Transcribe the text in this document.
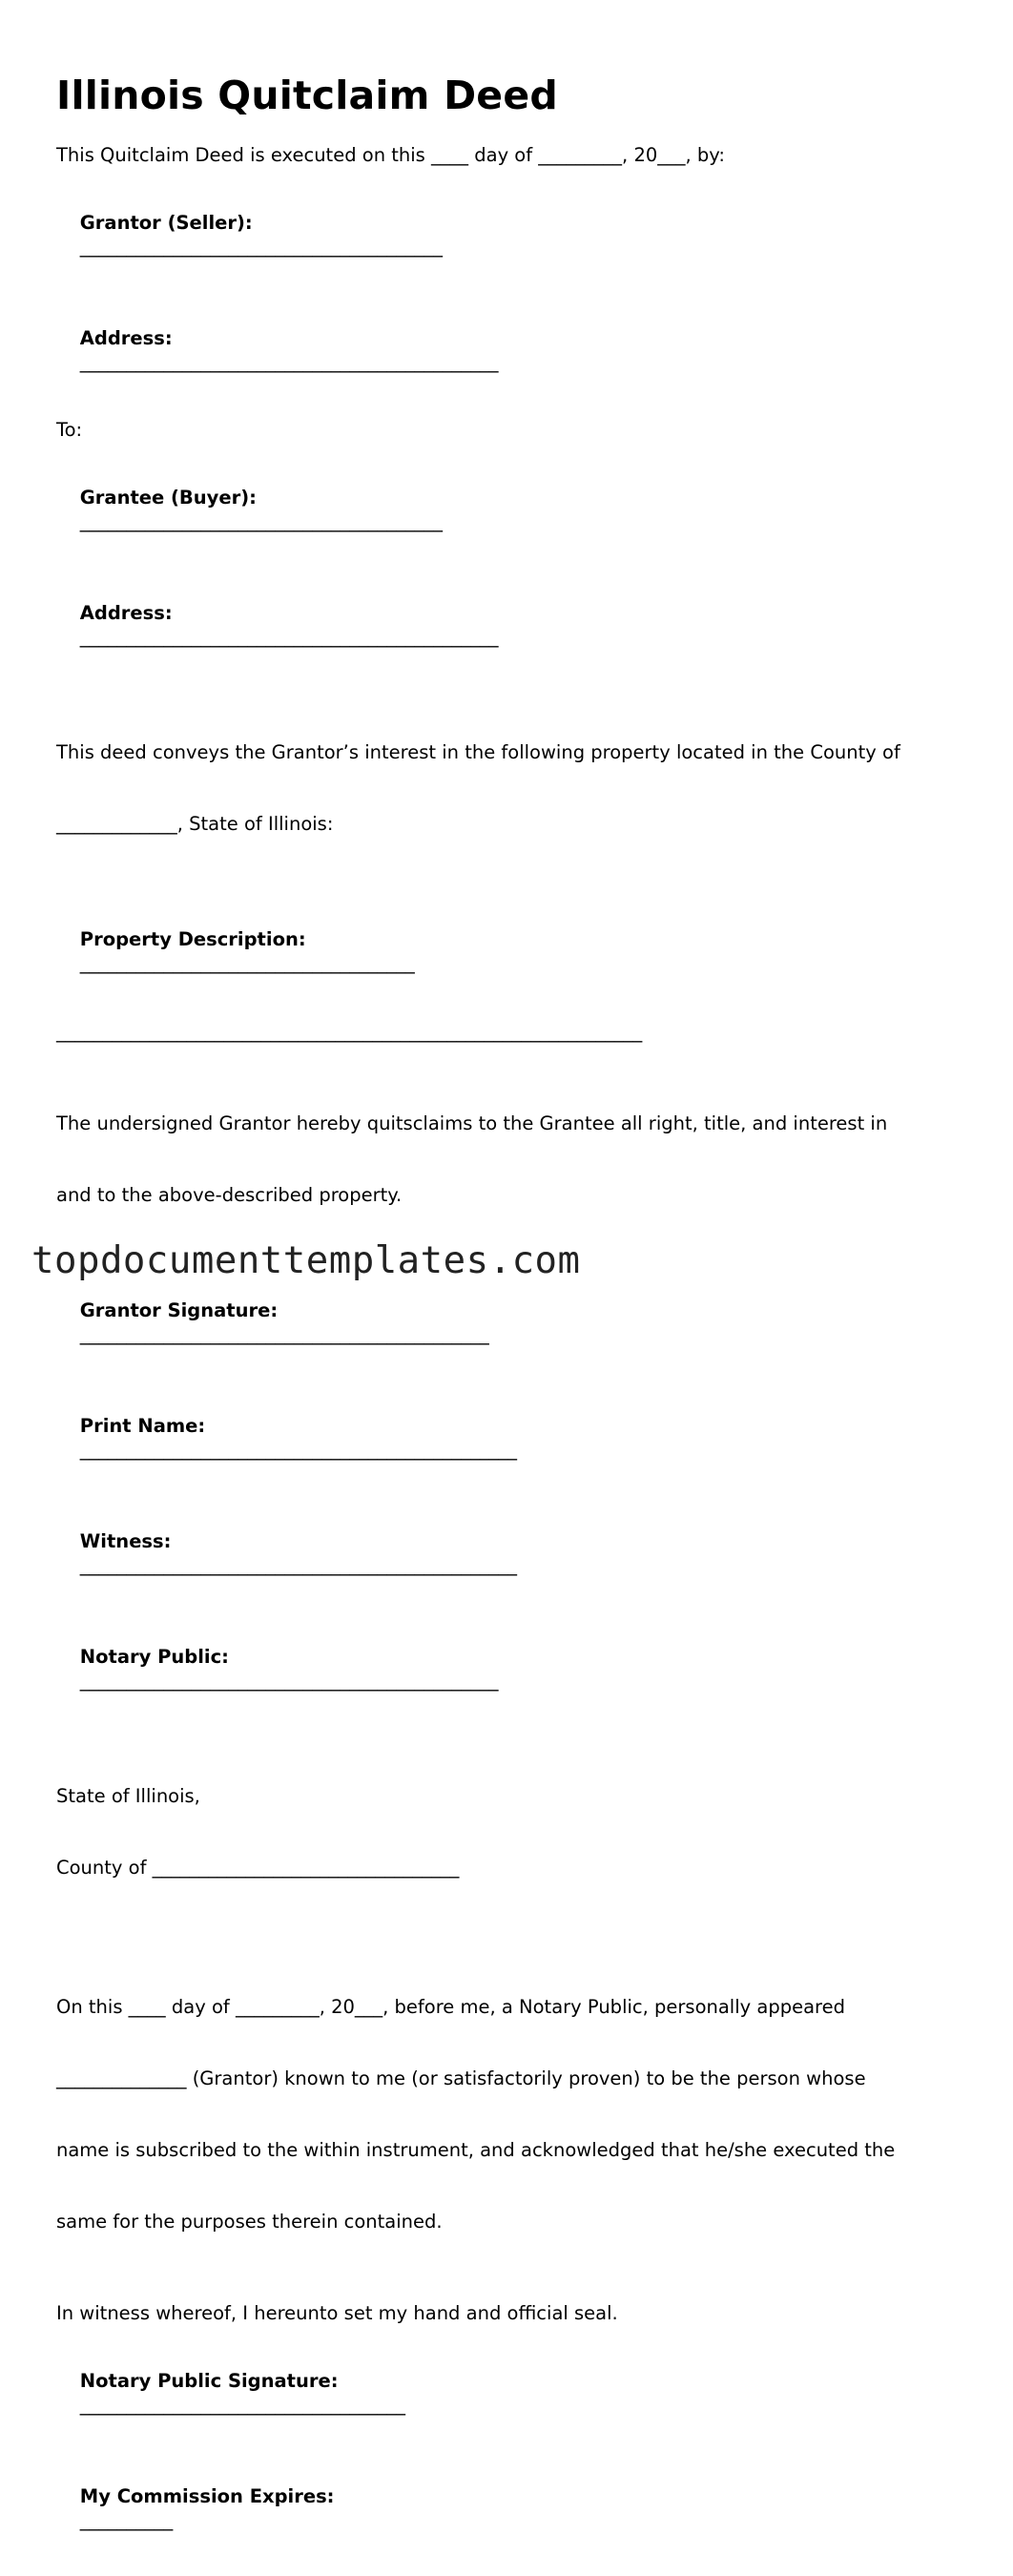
Illinois Quitclaim Deed
This Quitclaim Deed is executed on this ____ day of _________, 20___, by:

Grantor (Seller):
_______________________________________

Address:
_____________________________________________

To:

Grantee (Buyer):
_______________________________________

Address:
_____________________________________________

This deed conveys the Grantor’s interest in the following property located in the County of

_____________, State of Illinois:

Property Description:
____________________________________

_______________________________________________________________

The undersigned Grantor hereby quitsclaims to the Grantee all right, title, and interest in

and to the above-described property.

Grantor Signature:
____________________________________________

Print Name:
_______________________________________________

Witness:
_______________________________________________

Notary Public:
_____________________________________________

State of Illinois,

County of _________________________________

On this ____ day of _________, 20___, before me, a Notary Public, personally appeared

______________ (Grantor) known to me (or satisfactorily proven) to be the person whose

name is subscribed to the within instrument, and acknowledged that he/she executed the

same for the purposes therein contained.

In witness whereof, I hereunto set my hand and official seal.

Notary Public Signature:
___________________________________

My Commission Expires:
__________

topdocumenttemplates.com
